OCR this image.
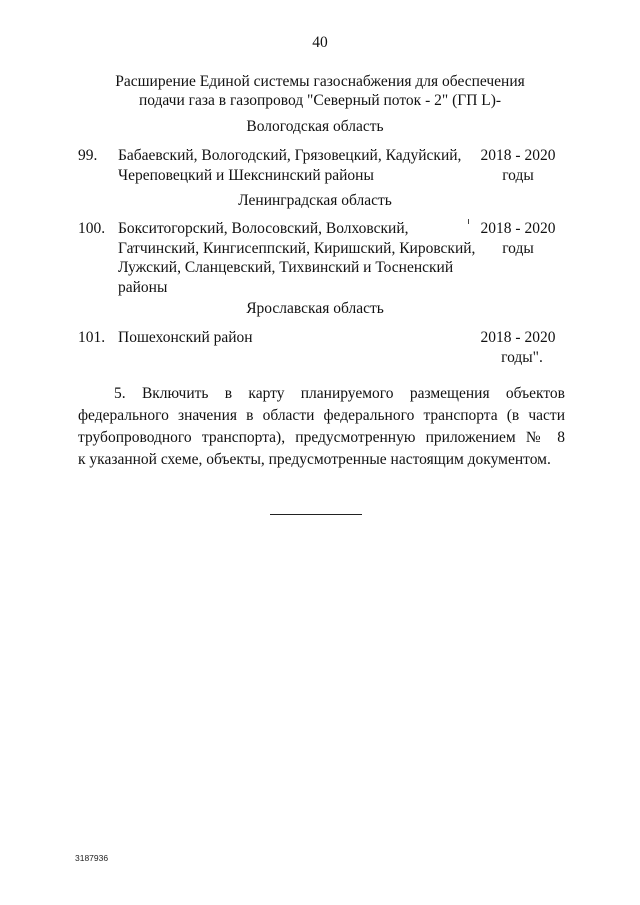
40
Расширение Единой системы газоснабжения для обеспечения
подачи газа в газопровод "Северный поток - 2" (ГП L)-
Вологодская область
99. Бабаевский, Вологодский, Грязовецкий, Кадуйский,
Череповецкий и Шекснинский районы
2018 - 2020
годы
Ленинградская область
100. Бокситогорский, Волосовский, Волховский,
Гатчинский, Кингисеппский, Киришский, Кировский,
Лужский, Сланцевский, Тихвинский и Тосненский
районы
2018 - 2020
годы
Ярославская область
101. Пошехонский район	2018 - 2020
годы".
5. Включить в карту планируемого размещения объектов
федерального значения в области федерального транспорта (в части
трубопроводного транспорта), предусмотренную приложением № 8
к указанной схеме, объекты, предусмотренные настоящим документом.
3187936
